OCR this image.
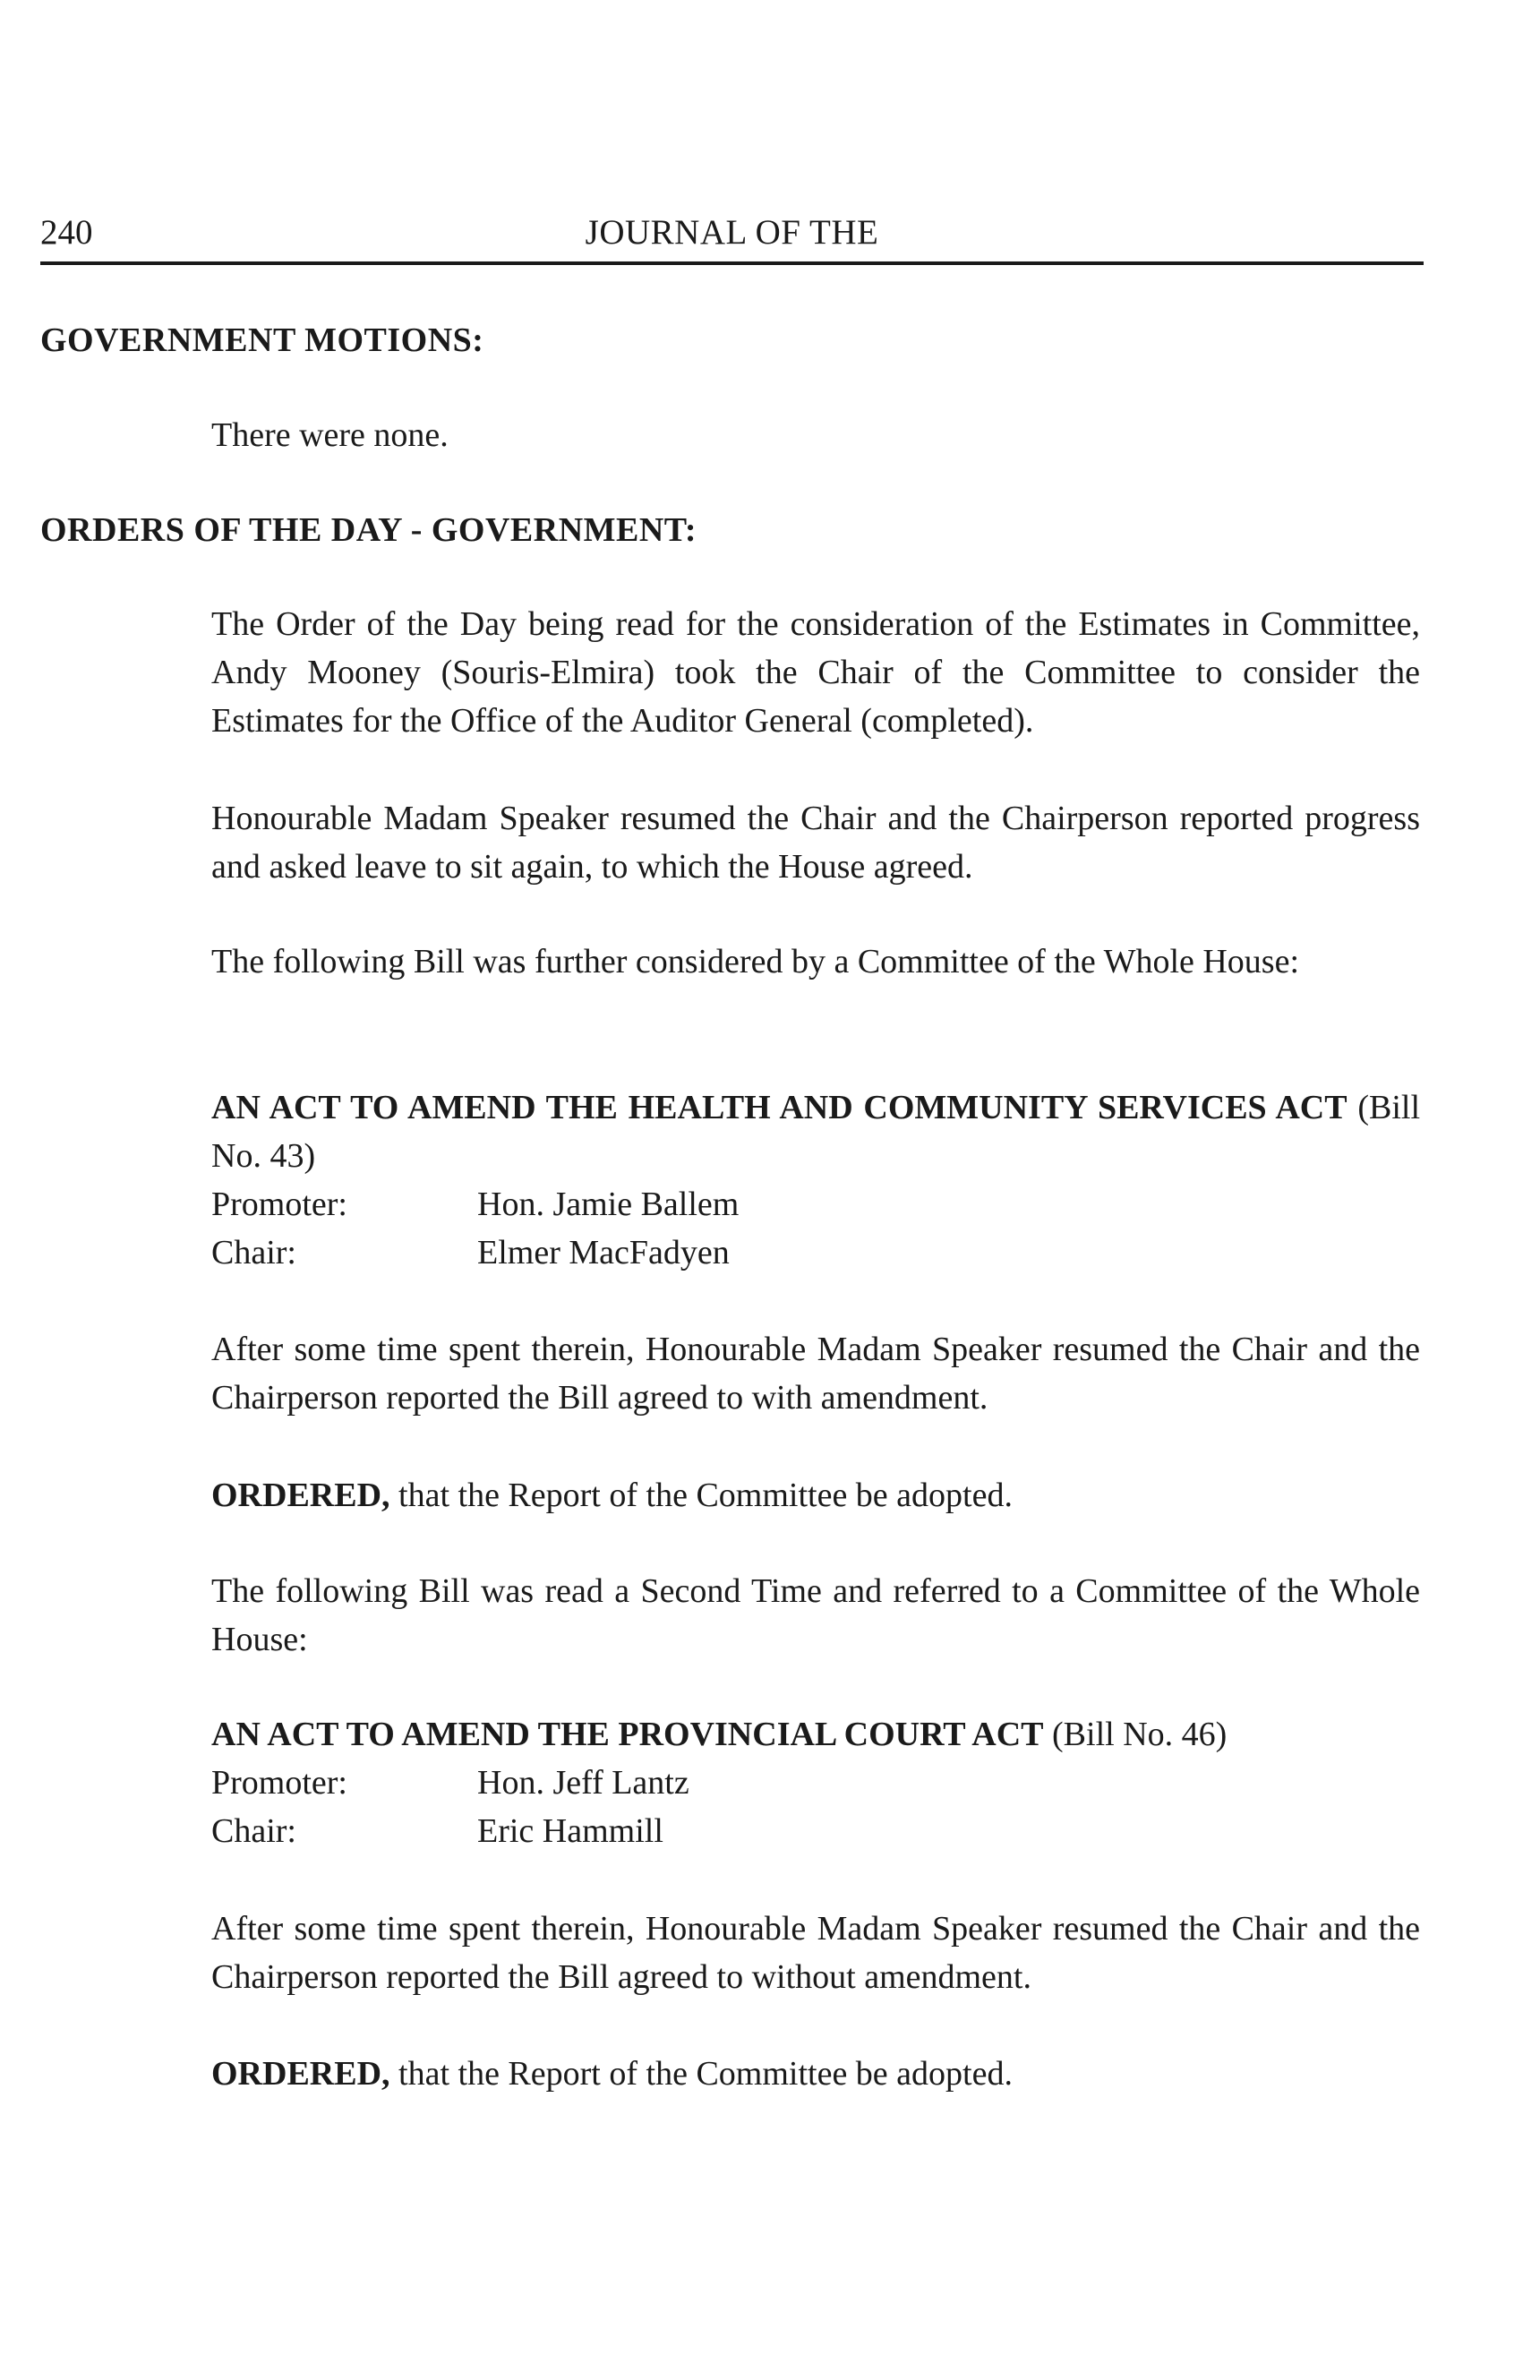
240	JOURNAL OF THE
GOVERNMENT MOTIONS:
There were none.
ORDERS OF THE DAY - GOVERNMENT:
The Order of the Day being read for the consideration of the Estimates in Committee, Andy Mooney (Souris-Elmira) took the Chair of the Committee to consider the Estimates for the Office of the Auditor General (completed).
Honourable Madam Speaker resumed the Chair and the Chairperson reported progress and asked leave to sit again, to which the House agreed.
The following Bill was further considered by a Committee of the Whole House:
AN ACT TO AMEND THE HEALTH AND COMMUNITY SERVICES ACT (Bill No. 43)
Promoter:	Hon. Jamie Ballem
Chair:	Elmer MacFadyen
After some time spent therein, Honourable Madam Speaker resumed the Chair and the Chairperson reported the Bill agreed to with amendment.
ORDERED, that the Report of the Committee be adopted.
The following Bill was read a Second Time and referred to a Committee of the Whole House:
AN ACT TO AMEND THE PROVINCIAL COURT ACT (Bill No. 46)
Promoter:	Hon. Jeff Lantz
Chair:	Eric Hammill
After some time spent therein, Honourable Madam Speaker resumed the Chair and the Chairperson reported the Bill agreed to without amendment.
ORDERED, that the Report of the Committee be adopted.
